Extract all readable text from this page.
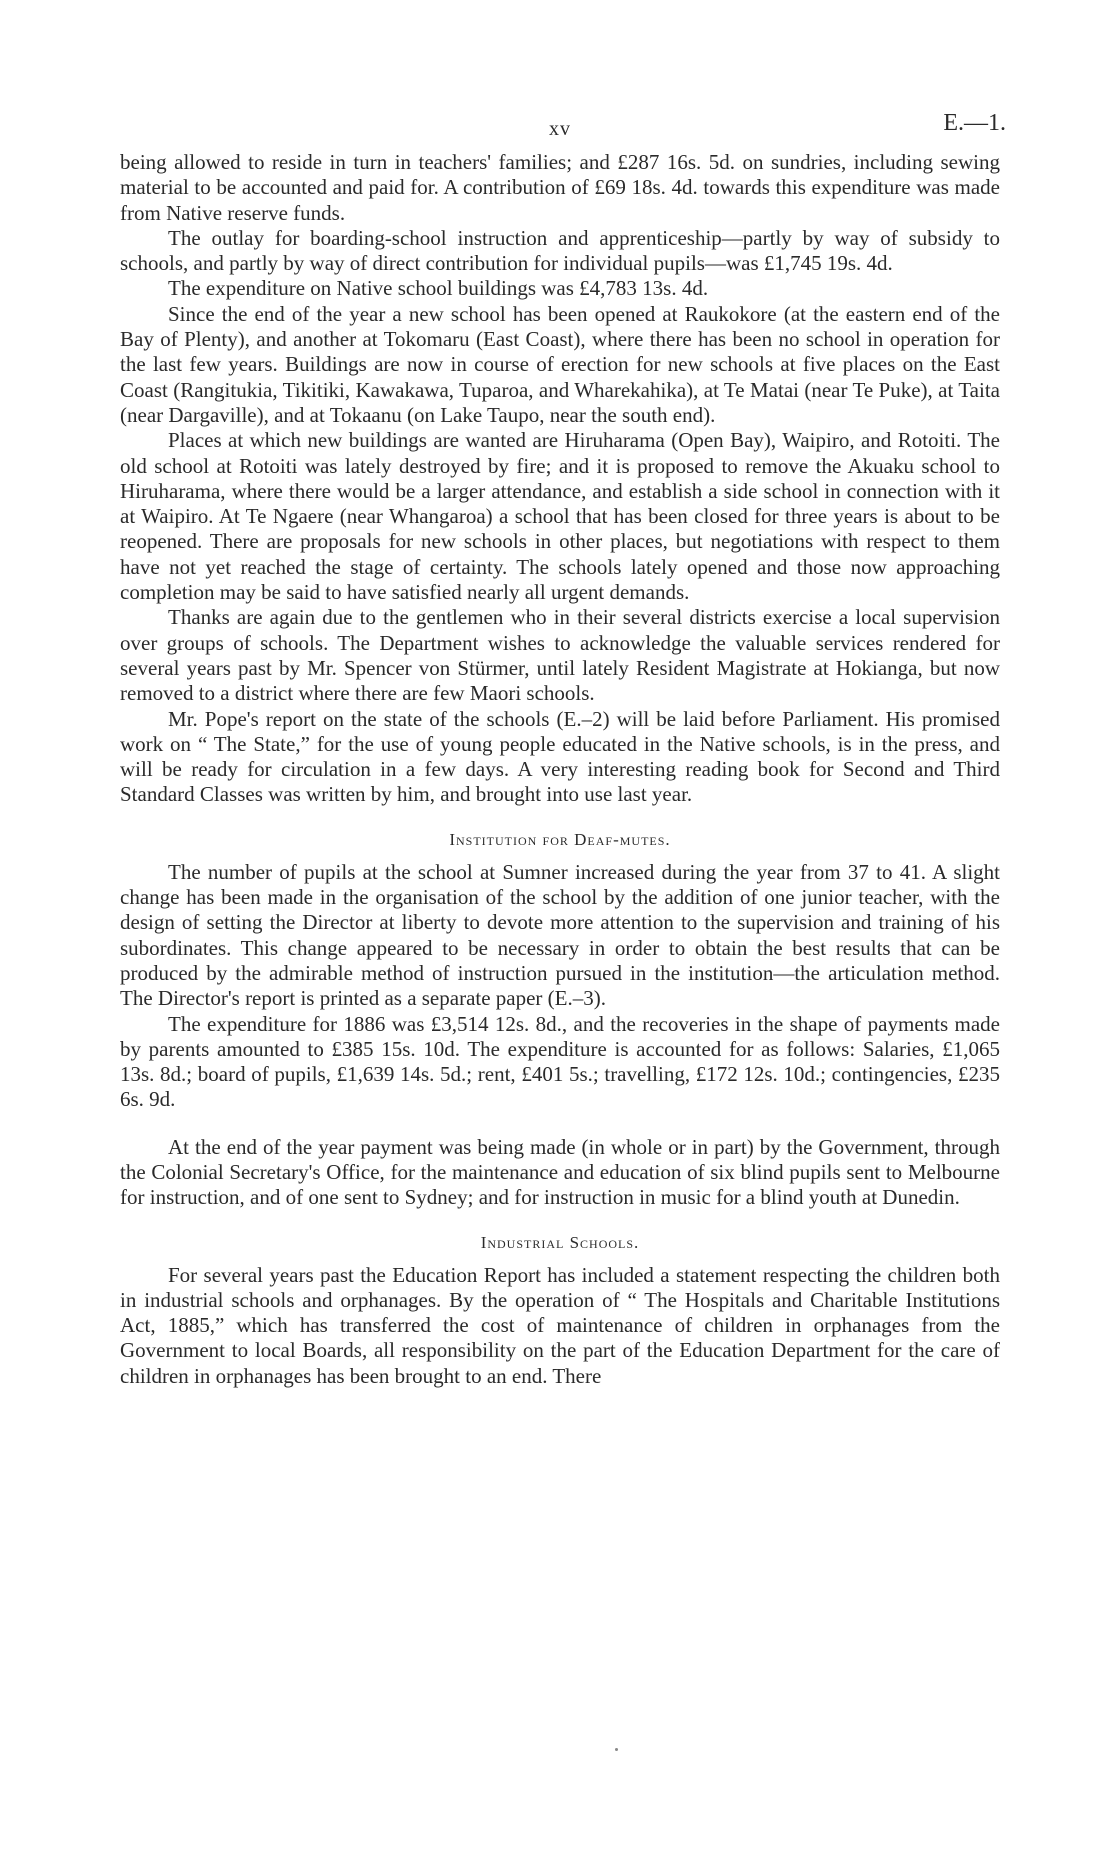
xv	E.—1.

being allowed to reside in turn in teachers' families; and £287 16s. 5d. on sundries, including sewing material to be accounted and paid for. A contribution of £69 18s. 4d. towards this expenditure was made from Native reserve funds.

The outlay for boarding-school instruction and apprenticeship—partly by way of subsidy to schools, and partly by way of direct contribution for individual pupils—was £1,745 19s. 4d.

The expenditure on Native school buildings was £4,783 13s. 4d.

Since the end of the year a new school has been opened at Raukokore (at the eastern end of the Bay of Plenty), and another at Tokomaru (East Coast), where there has been no school in operation for the last few years. Buildings are now in course of erection for new schools at five places on the East Coast (Rangitukia, Tikitiki, Kawakawa, Tuparoa, and Wharekahika), at Te Matai (near Te Puke), at Taita (near Dargaville), and at Tokaanu (on Lake Taupo, near the south end).

Places at which new buildings are wanted are Hiruharama (Open Bay), Waipiro, and Rotoiti. The old school at Rotoiti was lately destroyed by fire; and it is proposed to remove the Akuaku school to Hiruharama, where there would be a larger attendance, and establish a side school in connection with it at Waipiro. At Te Ngaere (near Whangaroa) a school that has been closed for three years is about to be reopened. There are proposals for new schools in other places, but negotiations with respect to them have not yet reached the stage of certainty. The schools lately opened and those now approaching completion may be said to have satisfied nearly all urgent demands.

Thanks are again due to the gentlemen who in their several districts exercise a local supervision over groups of schools. The Department wishes to acknowledge the valuable services rendered for several years past by Mr. Spencer von Stürmer, until lately Resident Magistrate at Hokianga, but now removed to a district where there are few Maori schools.

Mr. Pope's report on the state of the schools (E.–2) will be laid before Parliament. His promised work on “ The State,” for the use of young people educated in the Native schools, is in the press, and will be ready for circulation in a few days. A very interesting reading book for Second and Third Standard Classes was written by him, and brought into use last year.

Institution for Deaf-mutes.

The number of pupils at the school at Sumner increased during the year from 37 to 41. A slight change has been made in the organisation of the school by the addition of one junior teacher, with the design of setting the Director at liberty to devote more attention to the supervision and training of his subordinates. This change appeared to be necessary in order to obtain the best results that can be produced by the admirable method of instruction pursued in the institution—the articulation method. The Director's report is printed as a separate paper (E.–3).

The expenditure for 1886 was £3,514 12s. 8d., and the recoveries in the shape of payments made by parents amounted to £385 15s. 10d. The expenditure is accounted for as follows: Salaries, £1,065 13s. 8d.; board of pupils, £1,639 14s. 5d.; rent, £401 5s.; travelling, £172 12s. 10d.; contingencies, £235 6s. 9d.

At the end of the year payment was being made (in whole or in part) by the Government, through the Colonial Secretary's Office, for the maintenance and education of six blind pupils sent to Melbourne for instruction, and of one sent to Sydney; and for instruction in music for a blind youth at Dunedin.

Industrial Schools.

For several years past the Education Report has included a statement respecting the children both in industrial schools and orphanages. By the operation of “ The Hospitals and Charitable Institutions Act, 1885,” which has transferred the cost of maintenance of children in orphanages from the Government to local Boards, all responsibility on the part of the Education Department for the care of children in orphanages has been brought to an end. There
